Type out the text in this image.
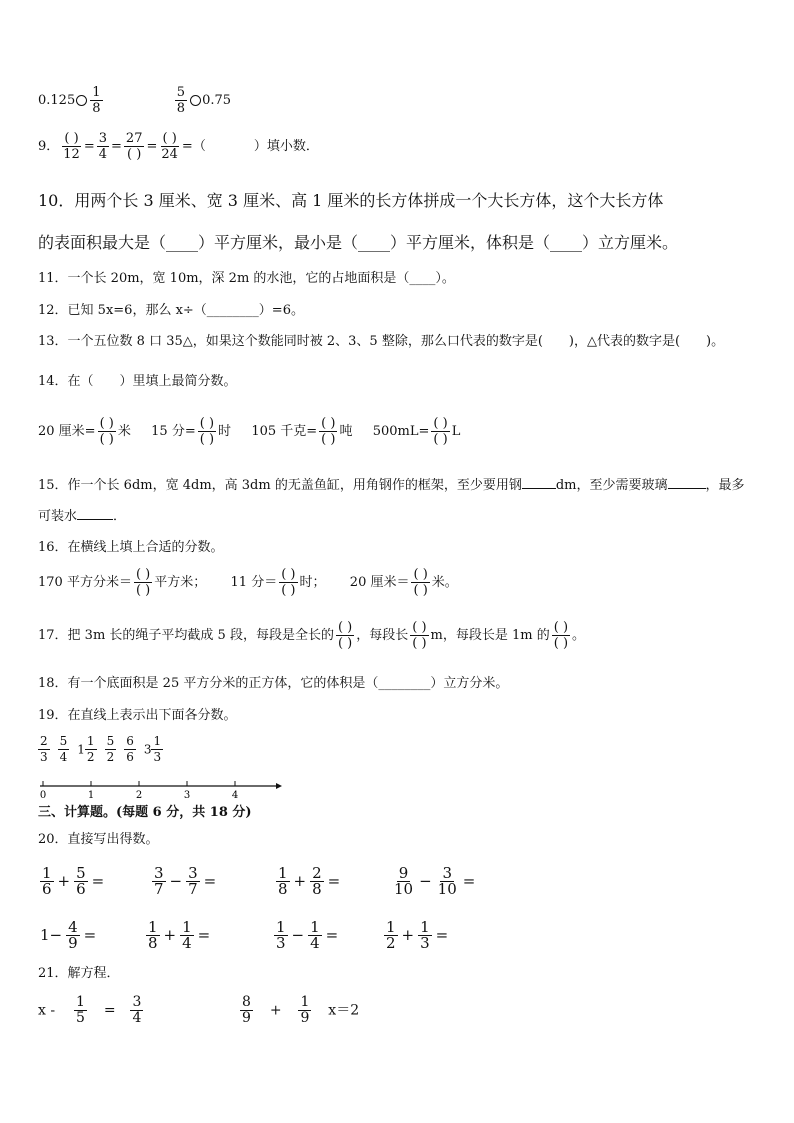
$0.125 \frac{1}{8}$
	$\frac{5}{8} 0.75$
9． $\frac{( )}{12} = \frac{3}{4} = \frac{27}{( )} = \frac{( )}{24}$ =（	）填小数．
10．用两个长 3 厘米、宽 3 厘米、高 1 厘米的长方体拼成一个大长方体，这个大长方体
的表面积最大是（____）平方厘米，最小是（____）平方厘米，体积是（____）立方厘米。
11．一个长 20m，宽 10m，深 2m 的水池，它的占地面积是（____）。
12．已知 5x=6，那么 x÷（________）=6。
13．一个五位数 8 口 35△，如果这个数能同时被 2、3、5 整除，那么口代表的数字是(　　)，△代表的数字是(　　)。
14．在（　　）里填上最简分数。
20 厘米= $\frac{( )}{( )}$ 米 15 分= $\frac{( )}{( )}$ 时 105 千克= $\frac{( )}{( )}$ 吨 $500mL= \frac{( )}{( )}$ L
15．作一个长 6dm，宽 4dm，高 3dm 的无盖鱼缸，用角钢作的框架，至少要用钢	dm，至少需要玻璃	，最多
可装水	．
16．在横线上填上合适的分数。
170 平方分米＝ $\frac{( )}{( )}$ 平方米； 11 分＝ $\frac{( )}{( )}$ 时； 20 厘米＝ $\frac{( )}{( )}$ 米。
17．把 3m 长的绳子平均截成 5 段，每段是全长的 $\frac{( )}{( )}$ ，每段长 $\frac{( )}{( )}$ m，每段长是 1m 的 $\frac{( )}{( )}$ 。
18．有一个底面积是 25 平方分米的正方体，它的体积是（________）立方分米。
19．在直线上表示出下面各分数。
$\frac{2}{3} \frac{5}{4} 1 \frac{1}{2} \frac{5}{2} \frac{6}{6} 3 \frac{1}{3}$
0	1	2	3	4
三、计算题。(每题 6 分，共 18 分)
20．直接写出得数。
$\frac{1}{6} + \frac{5}{6}$ =	$\frac{3}{7} - \frac{3}{7}$ =	$\frac{1}{8} + \frac{2}{8}$ =	$\frac{9}{10} - \frac{3}{10}$ =
$1- \frac{4}{9}$ =	$\frac{1}{8} + \frac{1}{4}$ =	$\frac{1}{3} - \frac{1}{4}$ =	$\frac{1}{2} + \frac{1}{3}$ =
21．解方程．
$x - \frac{1}{5} = \frac{3}{4}$	$\frac{8}{9} + \frac{1}{9} x=2$
